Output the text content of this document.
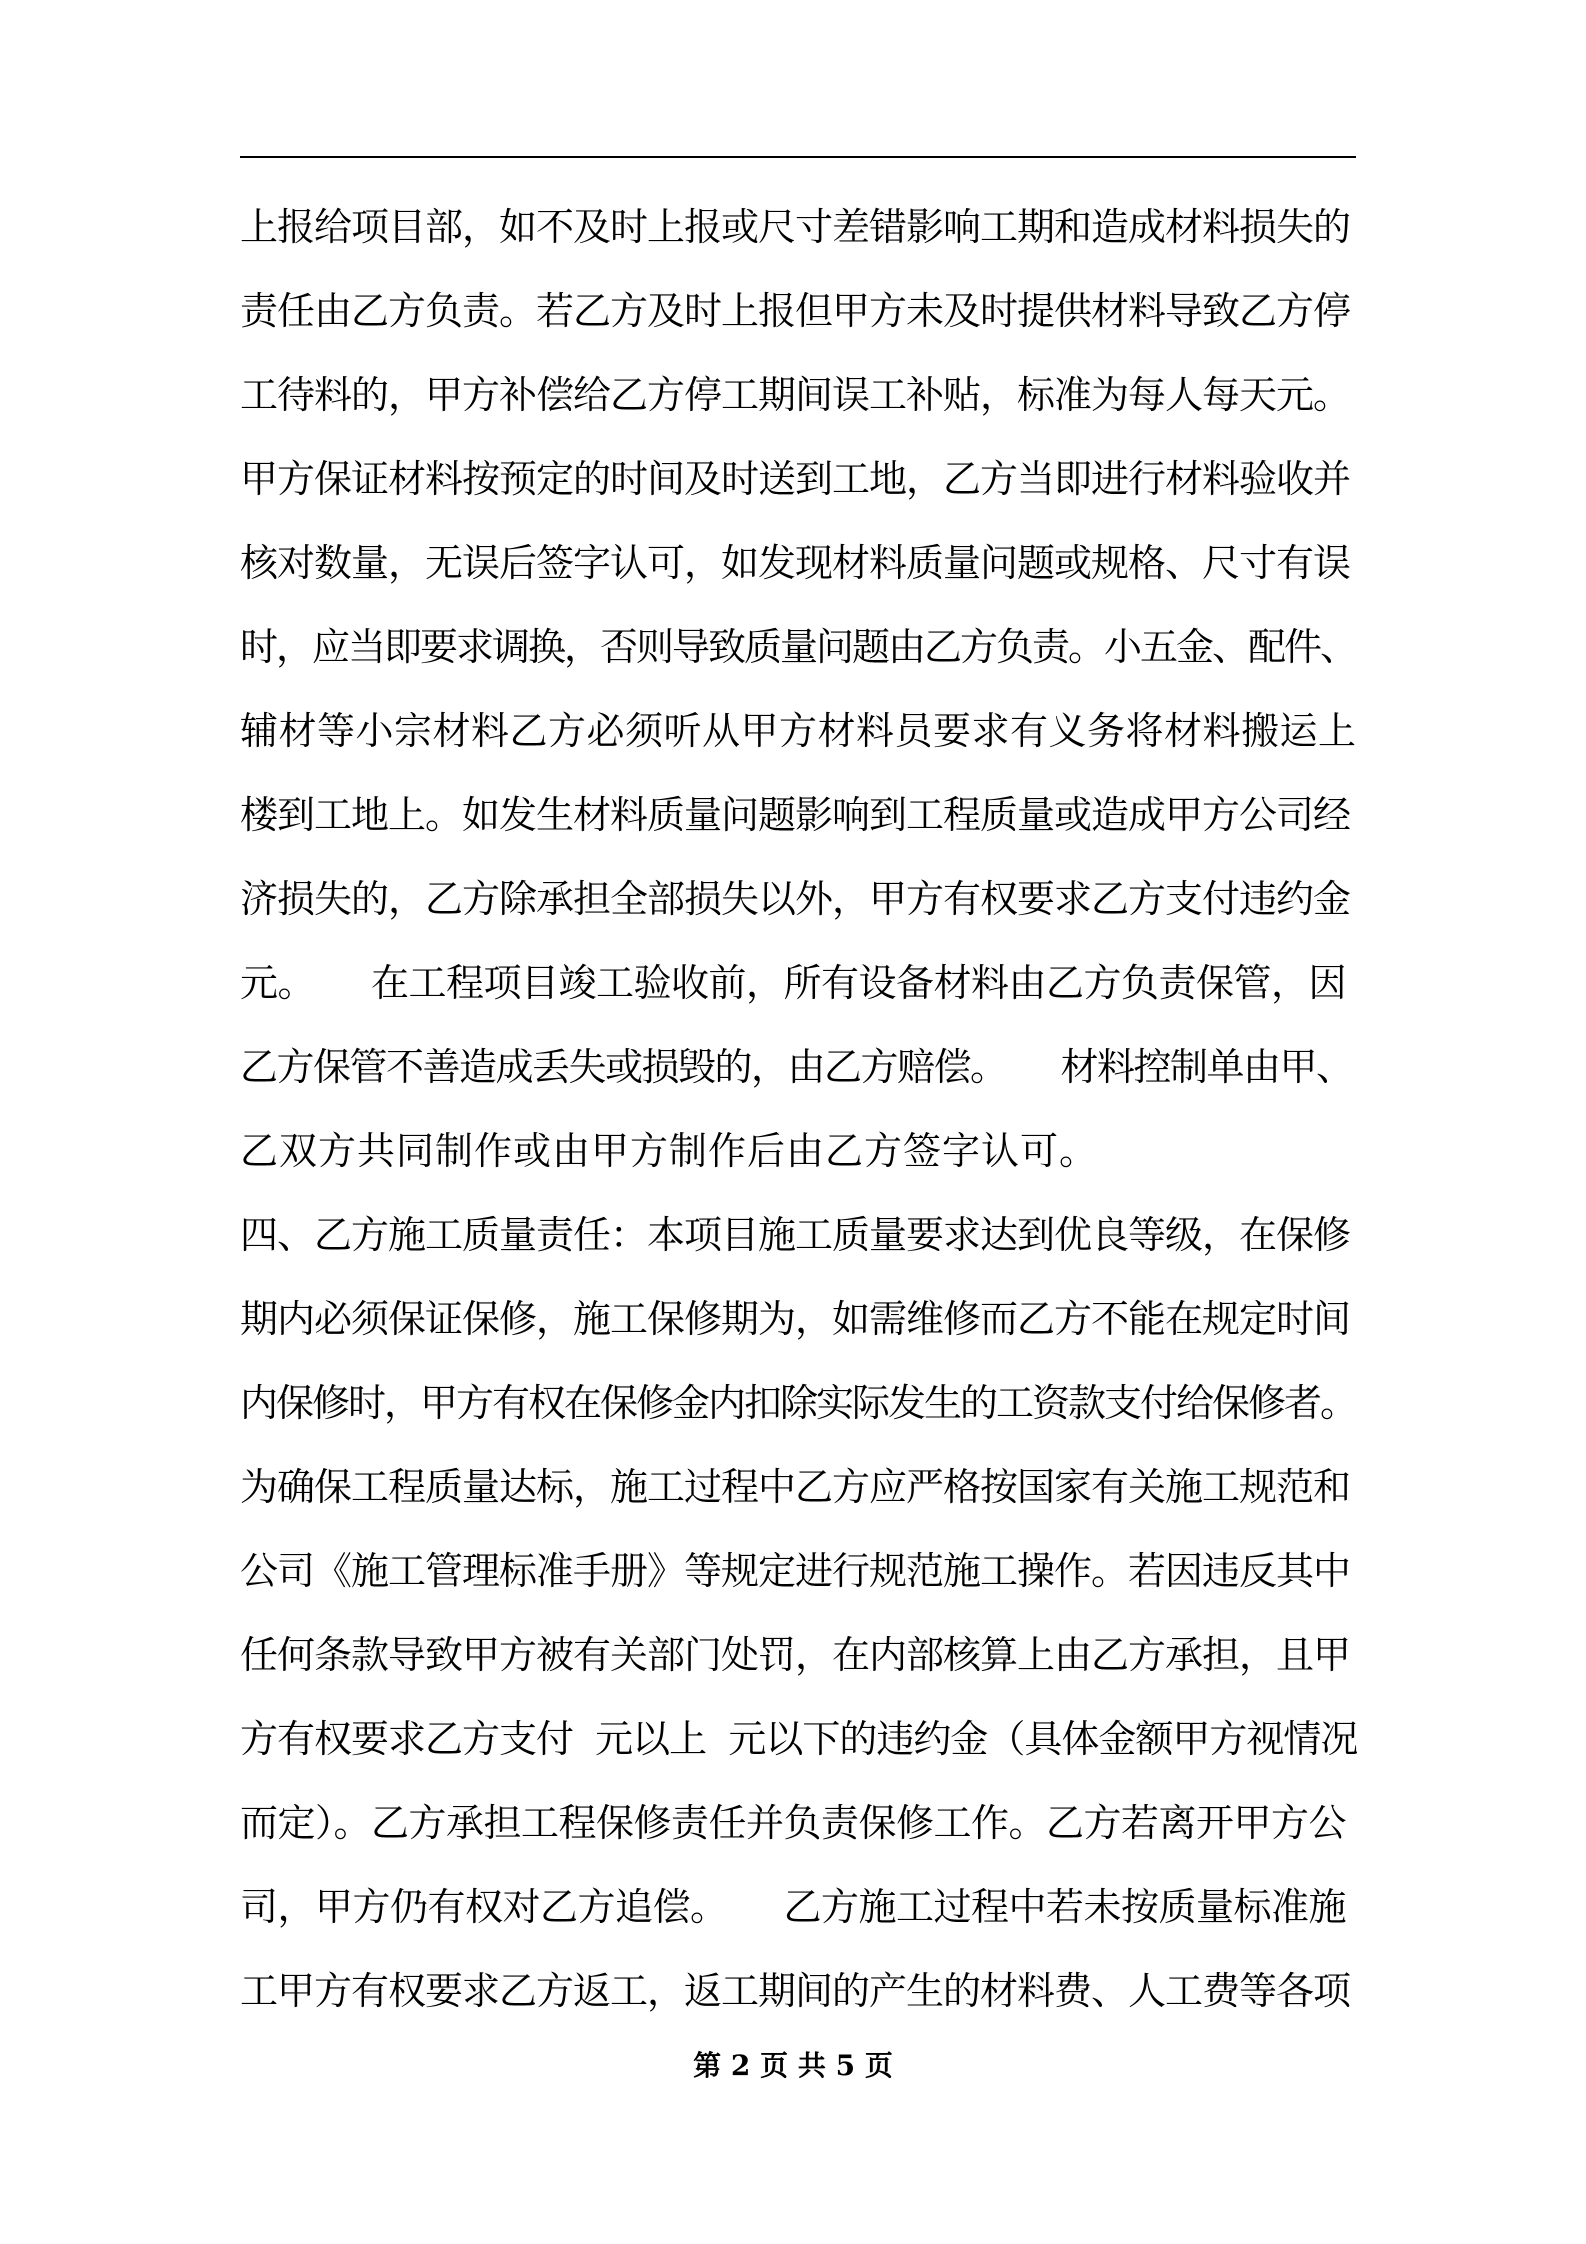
上报给项目部，如不及时上报或尺寸差错影响工期和造成材料损失的
责任由乙方负责。若乙方及时上报但甲方未及时提供材料导致乙方停
工待料的，甲方补偿给乙方停工期间误工补贴，标准为每人每天元。
甲方保证材料按预定的时间及时送到工地，乙方当即进行材料验收并
核对数量，无误后签字认可，如发现材料质量问题或规格、尺寸有误
时，应当即要求调换，否则导致质量问题由乙方负责。小五金、配件、
辅材等小宗材料乙方必须听从甲方材料员要求有义务将材料搬运上
楼到工地上。如发生材料质量问题影响到工程质量或造成甲方公司经
济损失的，乙方除承担全部损失以外，甲方有权要求乙方支付违约金
元。　　在工程项目竣工验收前，所有设备材料由乙方负责保管，因
乙方保管不善造成丢失或损毁的，由乙方赔偿。　　材料控制单由甲、
乙双方共同制作或由甲方制作后由乙方签字认可。
四、乙方施工质量责任：本项目施工质量要求达到优良等级，在保修
期内必须保证保修，施工保修期为，如需维修而乙方不能在规定时间
内保修时，甲方有权在保修金内扣除实际发生的工资款支付给保修者。
为确保工程质量达标，施工过程中乙方应严格按国家有关施工规范和
公司《施工管理标准手册》等规定进行规范施工操作。若因违反其中
任何条款导致甲方被有关部门处罚，在内部核算上由乙方承担，且甲
方有权要求乙方支付  元以上  元以下的违约金（具体金额甲方视情况
而定）。乙方承担工程保修责任并负责保修工作。乙方若离开甲方公
司，甲方仍有权对乙方追偿。　　乙方施工过程中若未按质量标准施
工甲方有权要求乙方返工，返工期间的产生的材料费、人工费等各项
第 2 页 共 5 页
